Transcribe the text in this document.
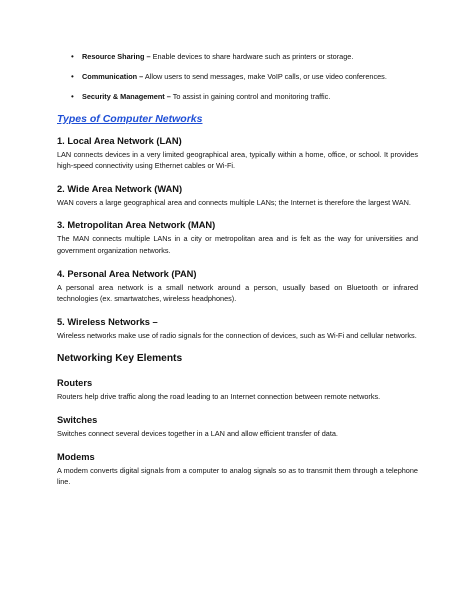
• Resource Sharing – Enable devices to share hardware such as printers or storage.
• Communication – Allow users to send messages, make VoIP calls, or use video conferences.
• Security & Management – To assist in gaining control and monitoring traffic.
Types of Computer Networks
1. Local Area Network (LAN)

LAN connects devices in a very limited geographical area, typically within a home, office, or school. It provides high-speed connectivity using Ethernet cables or Wi-Fi.

2. Wide Area Network (WAN)

WAN covers a large geographical area and connects multiple LANs; the Internet is therefore the largest WAN.

3. Metropolitan Area Network (MAN)

The MAN connects multiple LANs in a city or metropolitan area and is felt as the way for universities and government organization networks.

4. Personal Area Network (PAN)

A personal area network is a small network around a person, usually based on Bluetooth or infrared technologies (ex. smartwatches, wireless headphones).

5. Wireless Networks –

Wireless networks make use of radio signals for the connection of devices, such as Wi-Fi and cellular networks.

Networking Key Elements
Routers

Routers help drive traffic along the road leading to an Internet connection between remote networks.

Switches

Switches connect several devices together in a LAN and allow efficient transfer of data.

Modems

A modem converts digital signals from a computer to analog signals so as to transmit them through a telephone line.
